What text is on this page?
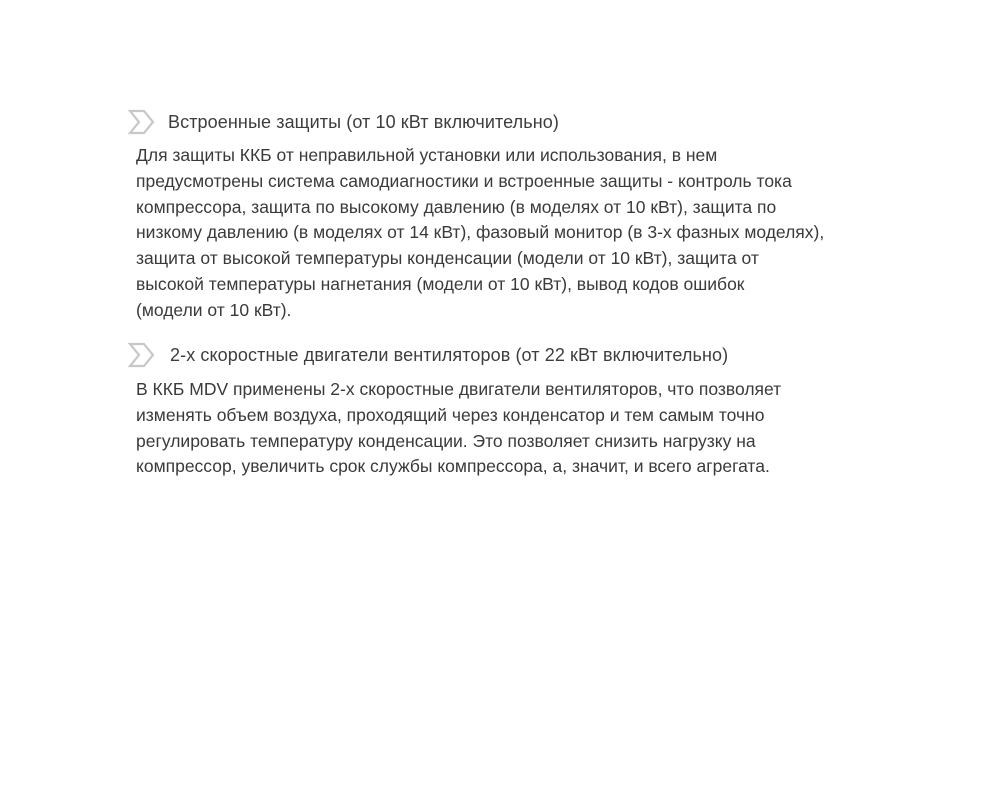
Встроенные защиты (от 10 кВт включительно)
Для защиты ККБ от неправильной установки или использования, в нем
предусмотрены система самодиагностики и встроенные защиты - контроль тока
компрессора, защита по высокому давлению (в моделях от 10 кВт), защита по
низкому давлению (в моделях от 14 кВт), фазовый монитор (в 3-х фазных моделях),
защита от высокой температуры конденсации (модели от 10 кВт), защита от
высокой температуры нагнетания (модели от 10 кВт), вывод кодов ошибок
(модели от 10 кВт).
2-х скоростные двигатели вентиляторов (от 22 кВт включительно)
В ККБ MDV применены 2-х скоростные двигатели вентиляторов, что позволяет
изменять объем воздуха, проходящий через конденсатор и тем самым точно
регулировать температуру конденсации. Это позволяет снизить нагрузку на
компрессор, увеличить срок службы компрессора, а, значит, и всего агрегата.
